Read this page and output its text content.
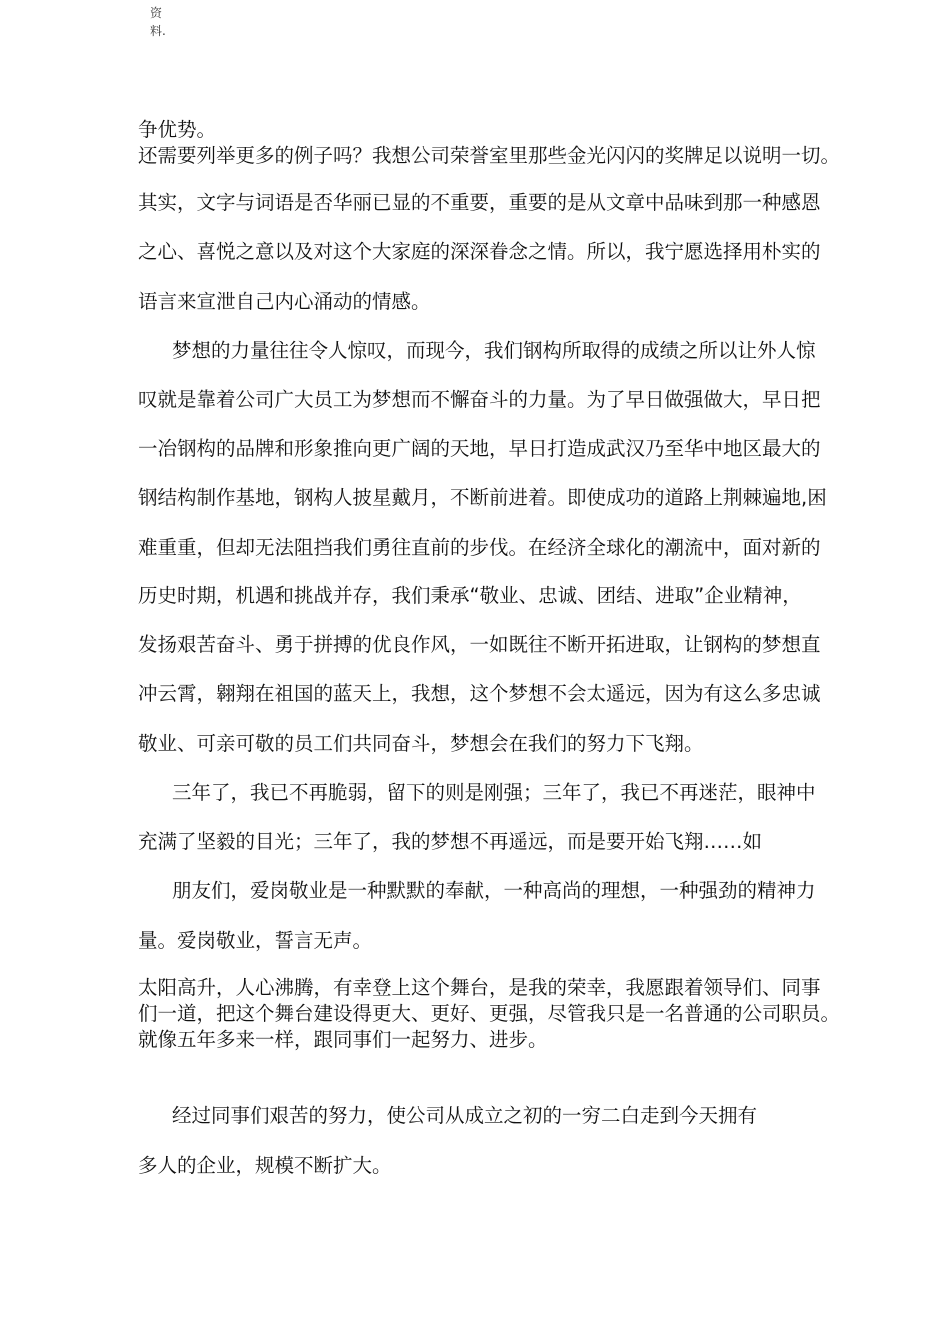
资
料.
争优势。
还需要列举更多的例子吗？我想公司荣誉室里那些金光闪闪的奖牌足以说明一切。
其实，文字与词语是否华丽已显的不重要，重要的是从文章中品味到那一种感恩
之心、喜悦之意以及对这个大家庭的深深眷念之情。所以，我宁愿选择用朴实的
语言来宣泄自己内心涌动的情感。
梦想的力量往往令人惊叹，而现今，我们钢构所取得的成绩之所以让外人惊
叹就是靠着公司广大员工为梦想而不懈奋斗的力量。为了早日做强做大，早日把
一冶钢构的品牌和形象推向更广阔的天地，早日打造成武汉乃至华中地区最大的
钢结构制作基地，钢构人披星戴月，不断前进着。即使成功的道路上荆棘遍地,困
难重重，但却无法阻挡我们勇往直前的步伐。在经济全球化的潮流中，面对新的
历史时期，机遇和挑战并存，我们秉承“敬业、忠诚、团结、进取”企业精神，
发扬艰苦奋斗、勇于拼搏的优良作风，一如既往不断开拓进取，让钢构的梦想直
冲云霄，翱翔在祖国的蓝天上，我想，这个梦想不会太遥远，因为有这么多忠诚
敬业、可亲可敬的员工们共同奋斗，梦想会在我们的努力下飞翔。
三年了，我已不再脆弱，留下的则是刚强；三年了，我已不再迷茫，眼神中
充满了坚毅的目光；三年了，我的梦想不再遥远，而是要开始飞翔……如
朋友们，爱岗敬业是一种默默的奉献，一种高尚的理想，一种强劲的精神力
量。爱岗敬业，誓言无声。
太阳高升，人心沸腾，有幸登上这个舞台，是我的荣幸，我愿跟着领导们、同事
们一道，把这个舞台建设得更大、更好、更强，尽管我只是一名普通的公司职员。
就像五年多来一样，跟同事们一起努力、进步。
经过同事们艰苦的努力，使公司从成立之初的一穷二白走到今天拥有
多人的企业，规模不断扩大。
